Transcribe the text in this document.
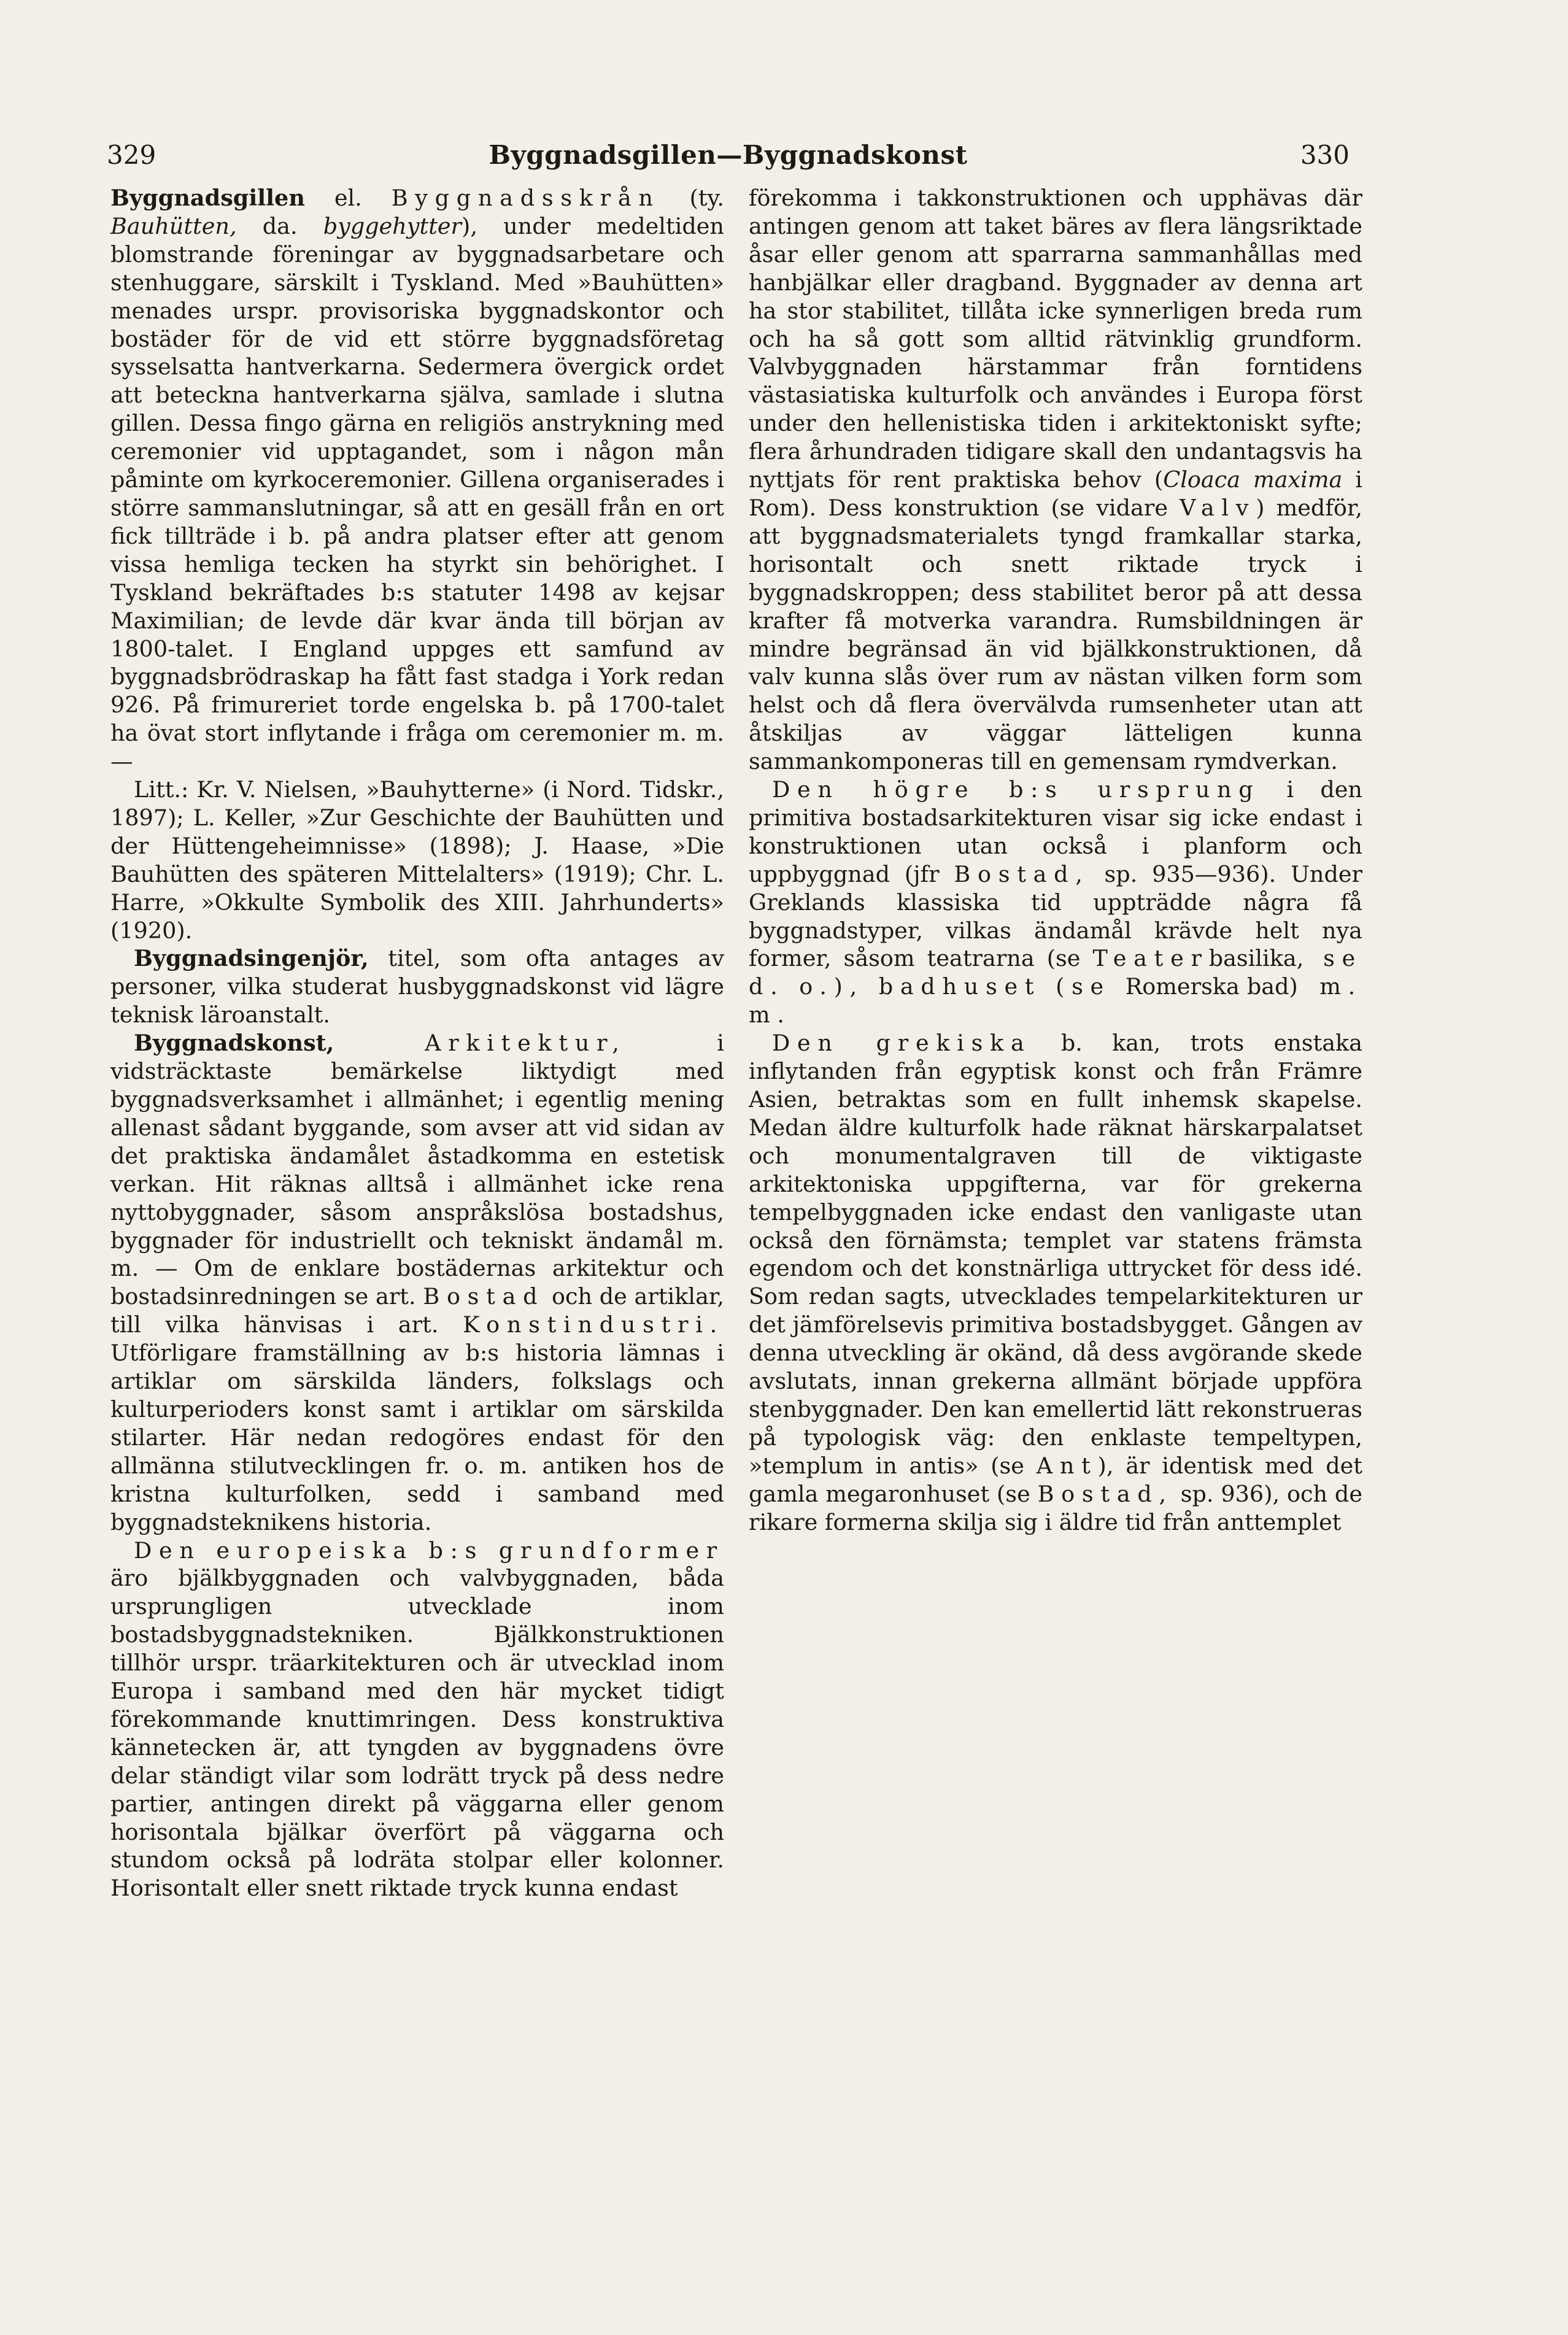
329	Byggnadsgillen—Byggnadskonst	330

Byggnadsgillen el. Byggnadsskrån (ty. Bauhütten, da. byggehytter), under medeltiden blomstrande föreningar av byggnadsarbetare och stenhuggare, särskilt i Tyskland. Med »Bauhütten» menades urspr. provisoriska byggnadskontor och bostäder för de vid ett större byggnadsföretag sysselsatta hantverkarna. Sedermera övergick ordet att beteckna hantverkarna själva, samlade i slutna gillen. Dessa fingo gärna en religiös anstrykning med ceremonier vid upptagandet, som i någon mån påminte om kyrkoceremonier. Gillena organiserades i större sammanslutningar, så att en gesäll från en ort fick tillträde i b. på andra platser efter att genom vissa hemliga tecken ha styrkt sin behörighet. I Tyskland bekräftades b:s statuter 1498 av kejsar Maximilian; de levde där kvar ända till början av 1800-talet. I England uppges ett samfund av byggnadsbrödraskap ha fått fast stadga i York redan 926. På frimureriet torde engelska b. på 1700-talet ha övat stort inflytande i fråga om ceremonier m. m. —

Litt.: Kr. V. Nielsen, »Bauhytterne» (i Nord. Tidskr., 1897); L. Keller, »Zur Geschichte der Bauhütten und der Hüttengeheimnisse» (1898); J. Haase, »Die Bauhütten des späteren Mittelalters» (1919); Chr. L. Harre, »Okkulte Symbolik des XIII. Jahrhunderts» (1920).

Byggnadsingenjör, titel, som ofta antages av personer, vilka studerat husbyggnadskonst vid lägre teknisk läroanstalt.

Byggnadskonst,	Arkitektur, i vidsträcktaste bemärkelse liktydigt med byggnadsverksamhet i allmänhet; i egentlig mening allenast sådant byggande, som avser att vid sidan av det praktiska ändamålet åstadkomma en estetisk verkan. Hit räknas alltså i allmänhet icke rena nyttobyggnader, såsom anspråkslösa bostadshus, byggnader för industriellt och tekniskt ändamål m. m. — Om de enklare bostädernas arkitektur och bostadsinredningen se art. Bostad och de artiklar, till vilka hänvisas i art. Konstindustri. Utförligare framställning av b:s historia lämnas i artiklar om särskilda länders, folkslags och kulturperioders konst samt i artiklar om särskilda stilarter. Här nedan redogöres endast för den allmänna stilutvecklingen fr. o. m. antiken hos de kristna kulturfolken, sedd i samband med byggnadsteknikens historia.

Den europeiska b:s grundformer äro bjälkbyggnaden och valvbyggnaden, båda ursprungligen utvecklade inom bostadsbyggnadstekniken. Bjälkkonstruktionen tillhör urspr. träarkitekturen och är utvecklad inom Europa i samband med den här mycket tidigt förekommande knuttimringen. Dess konstruktiva kännetecken är, att tyngden av byggnadens övre delar ständigt vilar som lodrätt tryck på dess nedre partier, antingen direkt på väggarna eller genom horisontala bjälkar överfört på väggarna och stundom också på lodräta stolpar eller kolonner. Horisontalt eller snett riktade tryck kunna endast

förekomma i takkonstruktionen och upphävas där antingen genom att taket bäres av flera längsriktade åsar eller genom att sparrarna sammanhållas med hanbjälkar eller dragband. Byggnader av denna art ha stor stabilitet, tillåta icke synnerligen breda rum och ha så gott som alltid rätvinklig grundform. Valvbyggnaden härstammar från forntidens västasiatiska kulturfolk och användes i Europa först under den hellenistiska tiden i arkitektoniskt syfte; flera århundraden tidigare skall den undantagsvis ha nyttjats för rent praktiska behov (Cloaca maxima i Rom). Dess konstruktion (se vidare Valv) medför, att byggnadsmaterialets tyngd framkallar starka, horisontalt och snett riktade tryck i byggnadskroppen; dess stabilitet beror på att dessa krafter få motverka varandra. Rumsbildningen är mindre begränsad än vid bjälkkonstruktionen, då valv kunna slås över rum av nästan vilken form som helst och då flera övervälvda rumsenheter utan att åtskiljas av väggar lätteligen kunna sammankomponeras till en gemensam rymdverkan.

Den högre b:s ursprung i den primitiva bostadsarkitekturen visar sig icke endast i konstruktionen utan också i planform och uppbyggnad (jfr Bostad, sp. 935—936). Under Greklands klassiska tid uppträdde några få byggnadstyper, vilkas ändamål krävde helt nya former, såsom teatrarna (se Teaterbasilika, se d. o.), badhuset (se Romerska bad) m. m.

Den grekiska b. kan, trots enstaka inflytanden från egyptisk konst och från Främre Asien, betraktas som en fullt inhemsk skapelse. Medan äldre kulturfolk hade räknat härskarpalatset och monumentalgraven till de viktigaste arkitektoniska uppgifterna, var för grekerna tempelbyggnaden icke endast den vanligaste utan också den förnämsta; templet var statens främsta egendom och det konstnärliga uttrycket för dess idé. Som redan sagts, utvecklades tempelarkitekturen ur det jämförelsevis primitiva bostadsbygget. Gången av denna utveckling är okänd, då dess avgörande skede avslutats, innan grekerna allmänt började uppföra stenbyggnader. Den kan emellertid lätt rekonstrueras på typologisk väg: den enklaste tempeltypen, »templum in antis» (se Ant), är identisk med det gamla megaronhuset (se Bostad, sp. 936), och de rikare formerna skilja sig i äldre tid från anttemplet
